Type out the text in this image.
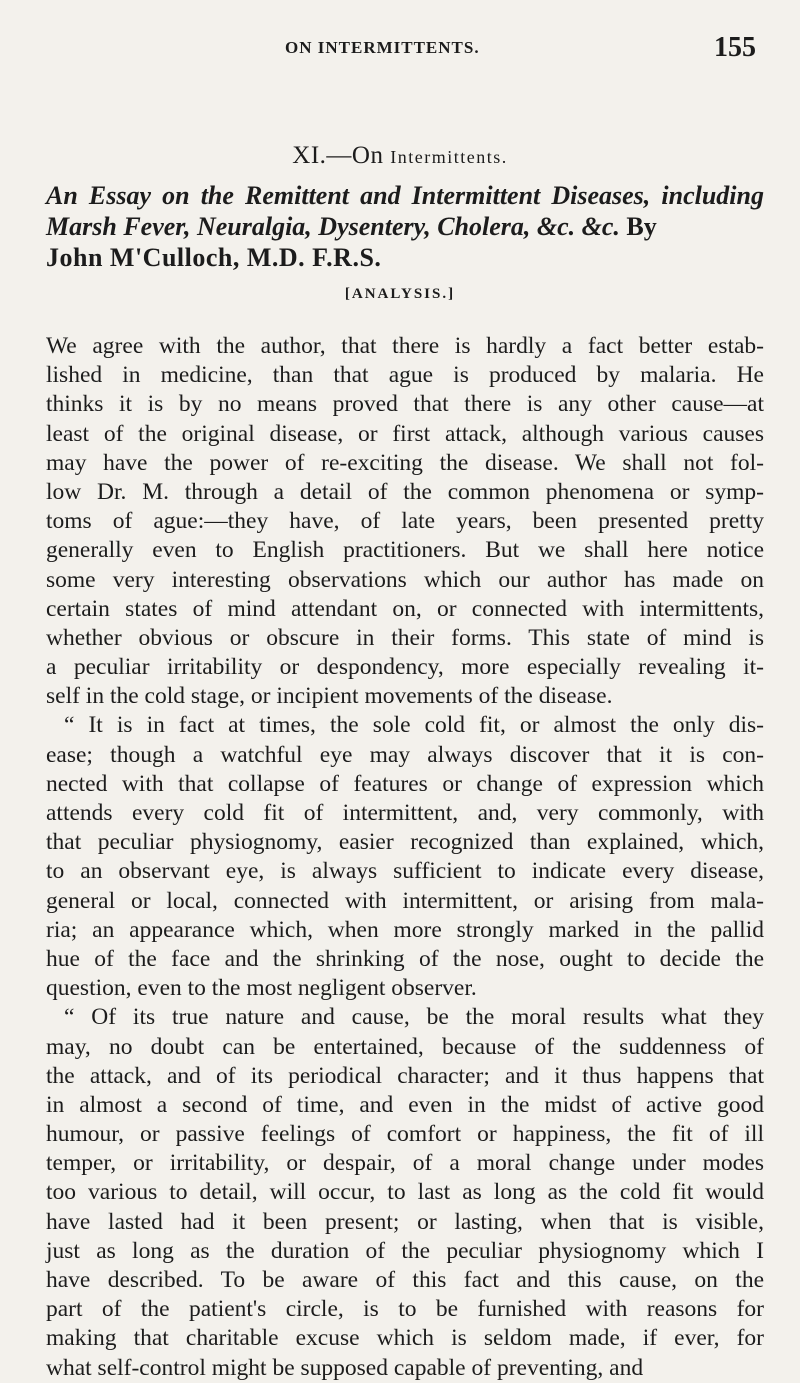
ON INTERMITTENTS.	155
XI.—On Intermittents.
An Essay on the Remittent and Intermittent Diseases, including
Marsh Fever, Neuralgia, Dysentery, Cholera, &c. &c. By
John M'Culloch, M.D. F.R.S.
[ANALYSIS.]
We agree with the author, that there is hardly a fact better estab-
lished in medicine, than that ague is produced by malaria. He
thinks it is by no means proved that there is any other cause—at
least of the original disease, or first attack, although various causes
may have the power of re-exciting the disease. We shall not fol-
low Dr. M. through a detail of the common phenomena or symp-
toms of ague:—they have, of late years, been presented pretty
generally even to English practitioners. But we shall here notice
some very interesting observations which our author has made on
certain states of mind attendant on, or connected with intermittents,
whether obvious or obscure in their forms. This state of mind is
a peculiar irritability or despondency, more especially revealing it-
self in the cold stage, or incipient movements of the disease.
“ It is in fact at times, the sole cold fit, or almost the only dis-
ease; though a watchful eye may always discover that it is con-
nected with that collapse of features or change of expression which
attends every cold fit of intermittent, and, very commonly, with
that peculiar physiognomy, easier recognized than explained, which,
to an observant eye, is always sufficient to indicate every disease,
general or local, connected with intermittent, or arising from mala-
ria; an appearance which, when more strongly marked in the pallid
hue of the face and the shrinking of the nose, ought to decide the
question, even to the most negligent observer.
“ Of its true nature and cause, be the moral results what they
may, no doubt can be entertained, because of the suddenness of
the attack, and of its periodical character; and it thus happens that
in almost a second of time, and even in the midst of active good
humour, or passive feelings of comfort or happiness, the fit of ill
temper, or irritability, or despair, of a moral change under modes
too various to detail, will occur, to last as long as the cold fit would
have lasted had it been present; or lasting, when that is visible,
just as long as the duration of the peculiar physiognomy which I
have described. To be aware of this fact and this cause, on the
part of the patient's circle, is to be furnished with reasons for
making that charitable excuse which is seldom made, if ever, for
what self-control might be supposed capable of preventing, and
